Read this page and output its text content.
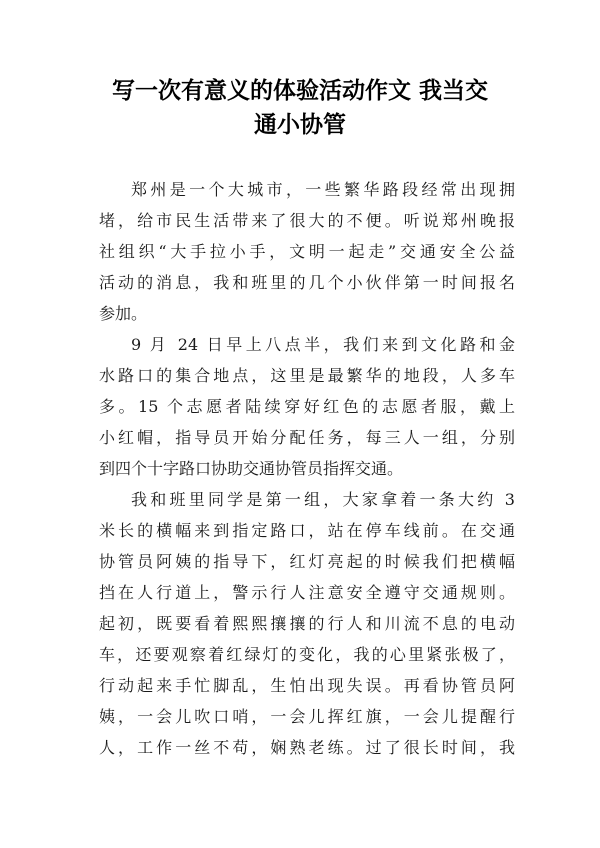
写一次有意义的体验活动作文 我当交
通小协管
郑州是一个大城市，一些繁华路段经常出现拥
堵，给市民生活带来了很大的不便。听说郑州晚报
社组织“大手拉小手，文明一起走”交通安全公益
活动的消息，我和班里的几个小伙伴第一时间报名
参加。
9 月 24 日早上八点半，我们来到文化路和金
水路口的集合地点，这里是最繁华的地段，人多车
多。15 个志愿者陆续穿好红色的志愿者服，戴上
小红帽，指导员开始分配任务，每三人一组，分别
到四个十字路口协助交通协管员指挥交通。
我和班里同学是第一组，大家拿着一条大约 3
米长的横幅来到指定路口，站在停车线前。在交通
协管员阿姨的指导下，红灯亮起的时候我们把横幅
挡在人行道上，警示行人注意安全遵守交通规则。
起初，既要看着熙熙攘攘的行人和川流不息的电动
车，还要观察着红绿灯的变化，我的心里紧张极了，
行动起来手忙脚乱，生怕出现失误。再看协管员阿
姨，一会儿吹口哨，一会儿挥红旗，一会儿提醒行
人，工作一丝不苟，娴熟老练。过了很长时间，我
